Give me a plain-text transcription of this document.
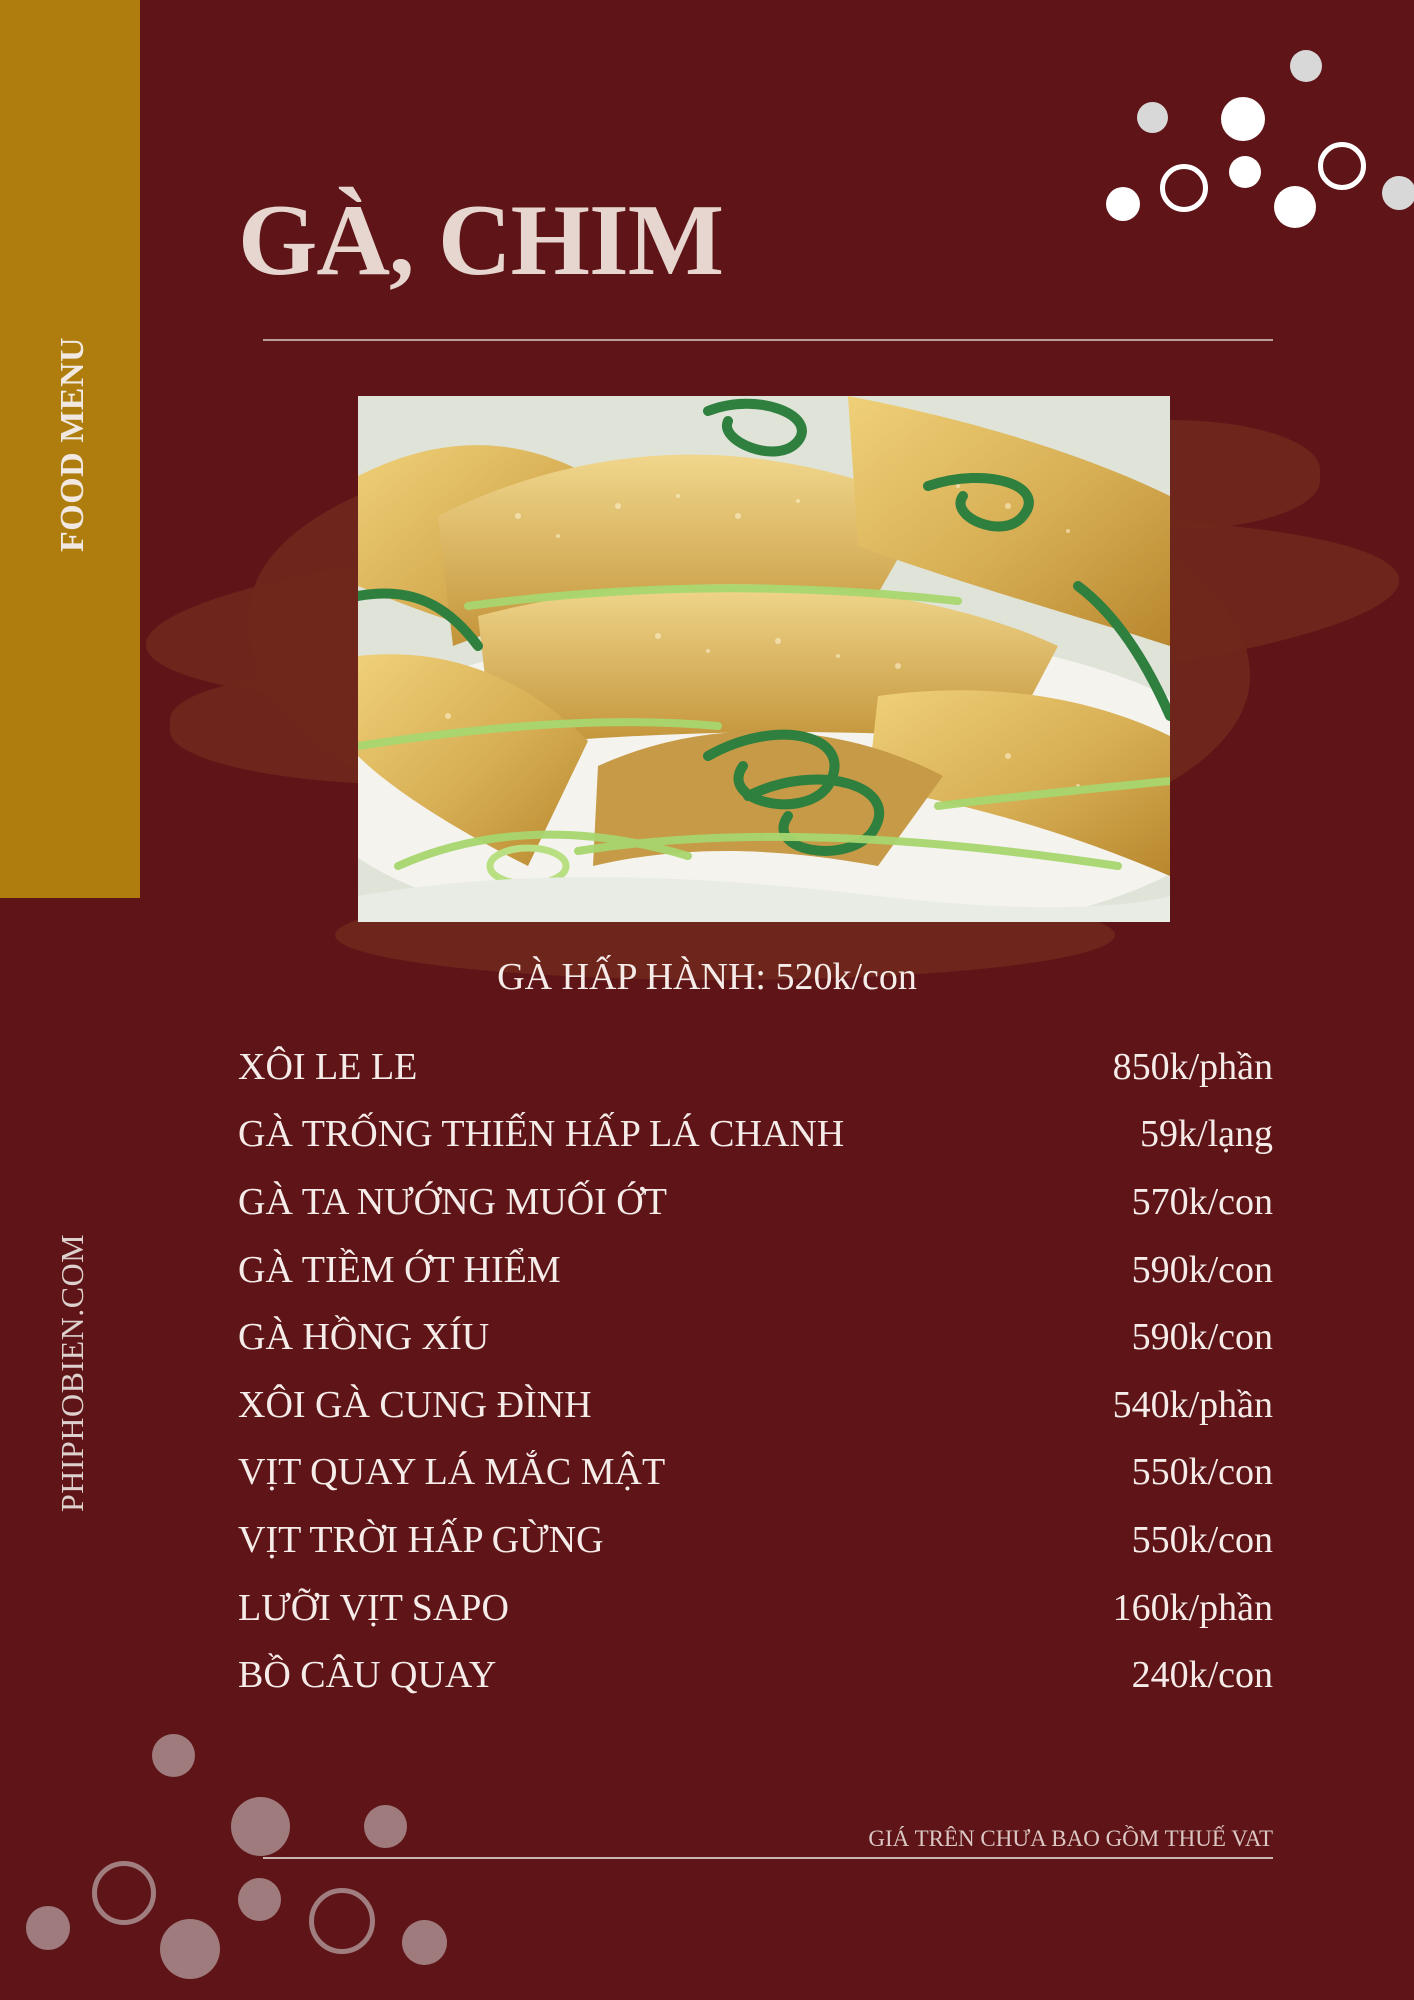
FOOD MENU
PHIPHOBIEN.COM
GÀ, CHIM

GÀ HẤP HÀNH: 520k/con

XÔI LE LE	850k/phần
GÀ TRỐNG THIẾN HẤP LÁ CHANH	59k/lạng
GÀ TA NƯỚNG MUỐI ỚT	570k/con
GÀ TIỀM ỚT HIỂM	590k/con
GÀ HỒNG XÍU	590k/con
XÔI GÀ CUNG ĐÌNH	540k/phần
VỊT QUAY LÁ MẮC MẬT	550k/con
VỊT TRỜI HẤP GỪNG	550k/con
LƯỠI VỊT SAPO	160k/phần
BỒ CÂU QUAY	240k/con

GIÁ TRÊN CHƯA BAO GỒM THUẾ VAT
